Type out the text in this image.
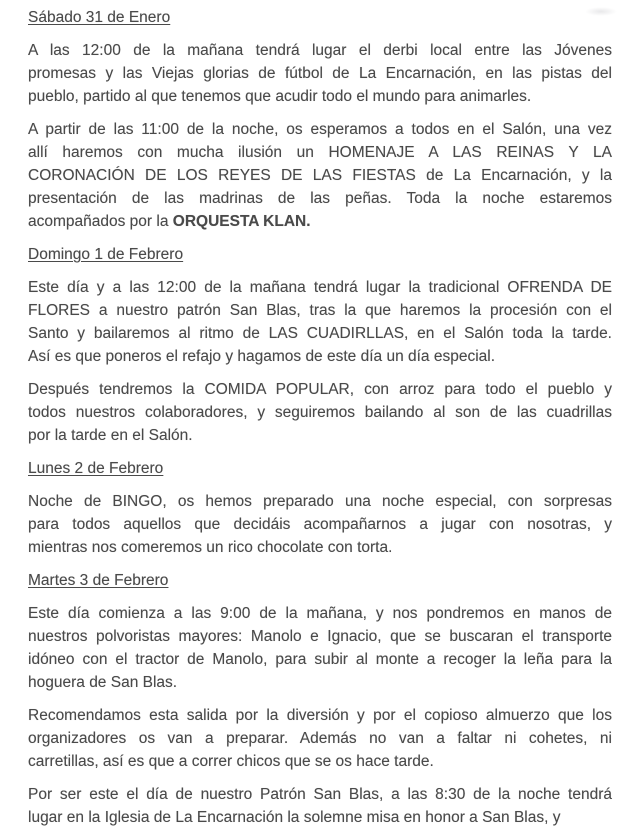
Sábado 31 de Enero
A las 12:00 de la mañana tendrá lugar el derbi local entre las Jóvenes
promesas y las Viejas glorias de fútbol de La Encarnación, en las pistas del
pueblo, partido al que tenemos que acudir todo el mundo para animarles.
A partir de las 11:00 de la noche, os esperamos a todos en el Salón, una vez
allí haremos con mucha ilusión un HOMENAJE A LAS REINAS Y LA
CORONACIÓN DE LOS REYES DE LAS FIESTAS de La Encarnación, y la
presentación de las madrinas de las peñas. Toda la noche estaremos
acompañados por la ORQUESTA KLAN.
Domingo 1 de Febrero
Este día y a las 12:00 de la mañana tendrá lugar la tradicional OFRENDA DE
FLORES a nuestro patrón San Blas, tras la que haremos la procesión con el
Santo y bailaremos al ritmo de LAS CUADIRLLAS, en el Salón toda la tarde.
Así es que poneros el refajo y hagamos de este día un día especial.
Después tendremos la COMIDA POPULAR, con arroz para todo el pueblo y
todos nuestros colaboradores, y seguiremos bailando al son de las cuadrillas
por la tarde en el Salón.
Lunes 2 de Febrero
Noche de BINGO, os hemos preparado una noche especial, con sorpresas
para todos aquellos que decidáis acompañarnos a jugar con nosotras, y
mientras nos comeremos un rico chocolate con torta.
Martes 3 de Febrero
Este día comienza a las 9:00 de la mañana, y nos pondremos en manos de
nuestros polvoristas mayores: Manolo e Ignacio, que se buscaran el transporte
idóneo con el tractor de Manolo, para subir al monte a recoger la leña para la
hoguera de San Blas.
Recomendamos esta salida por la diversión y por el copioso almuerzo que los
organizadores os van a preparar. Además no van a faltar ni cohetes, ni
carretillas, así es que a correr chicos que se os hace tarde.
Por ser este el día de nuestro Patrón San Blas, a las 8:30 de la noche tendrá
lugar en la Iglesia de La Encarnación la solemne misa en honor a San Blas, y
